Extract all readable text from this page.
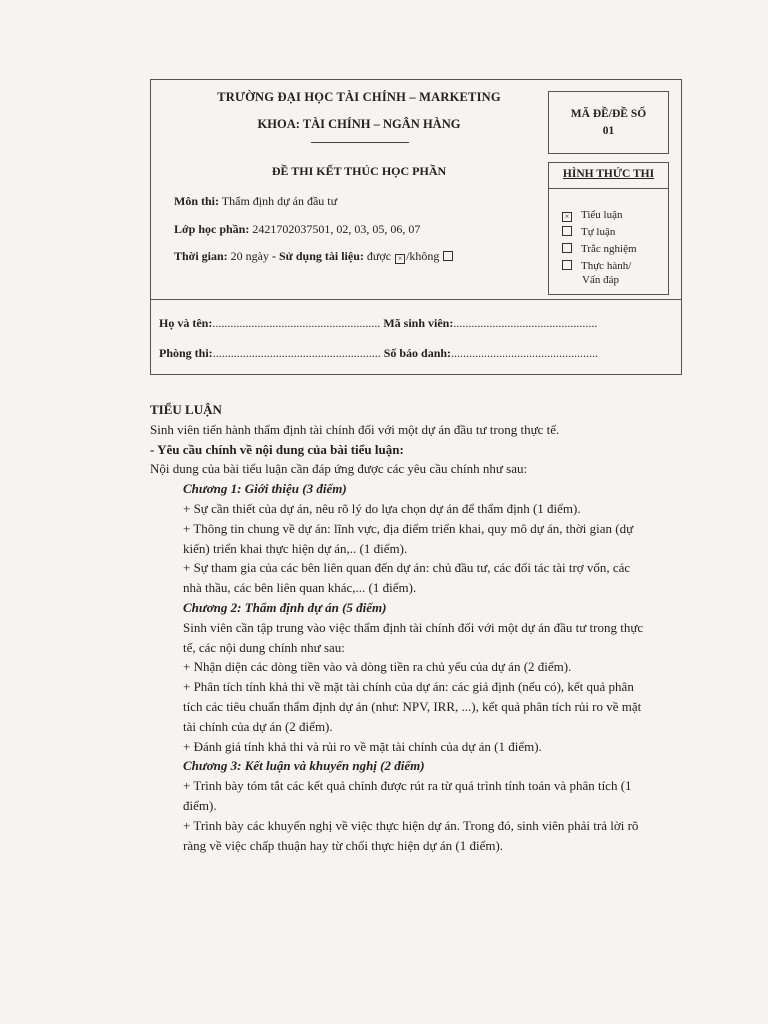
TRƯỜNG ĐẠI HỌC TÀI CHÍNH – MARKETING
KHOA: TÀI CHÍNH – NGÂN HÀNG
ĐỀ THI KẾT THÚC HỌC PHẦN
Môn thi: Thẩm định dự án đầu tư
Lớp học phần: 2421702037501, 02, 03, 05, 06, 07
Thời gian: 20 ngày - Sử dụng tài liệu: được × /không
MÃ ĐỀ/ĐỀ SỐ
01
HÌNH THỨC THI
× Tiểu luận
Tự luận
Trắc nghiệm
Thực hành/
Vấn đáp
Họ và tên:........................................................ Mã sinh viên:................................................
Phòng thi:........................................................ Số báo danh:.................................................
TIỂU LUẬN
Sinh viên tiến hành thẩm định tài chính đối với một dự án đầu tư trong thực tế.
- Yêu cầu chính về nội dung của bài tiểu luận:
Nội dung của bài tiểu luận cần đáp ứng được các yêu cầu chính như sau:
Chương 1: Giới thiệu (3 điểm)
+ Sự cần thiết của dự án, nêu rõ lý do lựa chọn dự án để thẩm định (1 điểm).
+ Thông tin chung về dự án: lĩnh vực, địa điểm triển khai, quy mô dự án, thời gian (dự
kiến) triển khai thực hiện dự án,.. (1 điểm).
+ Sự tham gia của các bên liên quan đến dự án: chủ đầu tư, các đối tác tài trợ vốn, các
nhà thầu, các bên liên quan khác,... (1 điểm).
Chương 2: Thẩm định dự án (5 điểm)
Sinh viên cần tập trung vào việc thẩm định tài chính đối với một dự án đầu tư trong thực
tế, các nội dung chính như sau:
+ Nhận diện các dòng tiền vào và dòng tiền ra chủ yếu của dự án (2 điểm).
+ Phân tích tính khả thi về mặt tài chính của dự án: các giả định (nếu có), kết quả phân
tích các tiêu chuẩn thẩm định dự án (như: NPV, IRR, ...), kết quả phân tích rủi ro về mặt
tài chính của dự án (2 điểm).
+ Đánh giá tính khả thi và rủi ro về mặt tài chính của dự án (1 điểm).
Chương 3: Kết luận và khuyến nghị (2 điểm)
+ Trình bày tóm tắt các kết quả chính được rút ra từ quá trình tính toán và phân tích (1
điểm).
+ Trình bày các khuyến nghị về việc thực hiện dự án. Trong đó, sinh viên phải trả lời rõ
ràng về việc chấp thuận hay từ chối thực hiện dự án (1 điểm).
